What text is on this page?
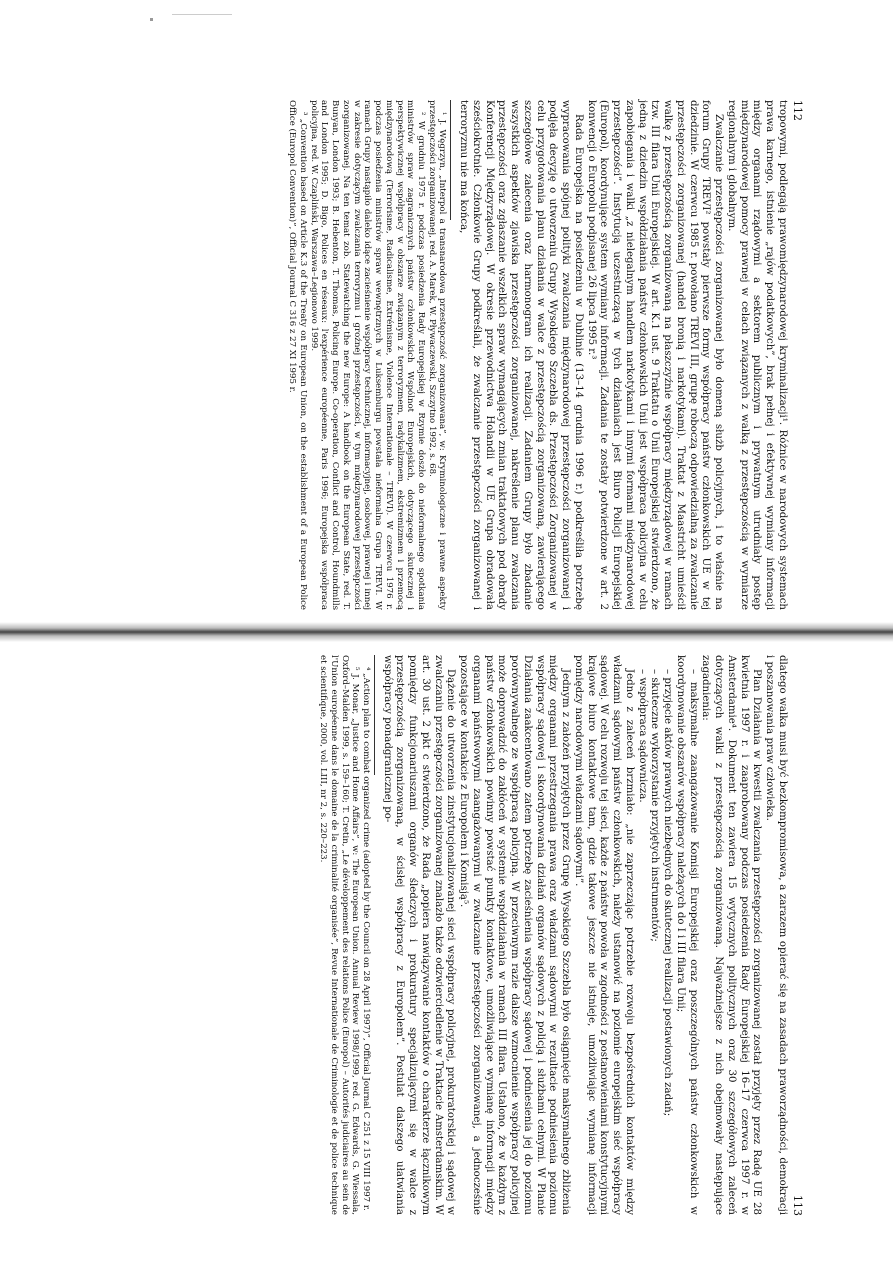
112

tropowymi, podlegają prawomiędzynarodowej kryminalizacji¹. Różnice w narodowych systemach prawa karnego, istnienie „rajów podatkowych”, brak pełnej i efektywnej wymiany informacji między organami rządowymi a sektorem publicznym i prywatnym utrudniały postęp międzynarodowej pomocy prawnej w celach związanych z walką z przestępczością w wymiarze regionalnym i globalnym.

Zwalczanie przestępczości zorganizowanej było domeną służb policyjnych, i to właśnie na forum Grupy TREVI² powstały pierwsze formy współpracy państw członkowskich UE w tej dziedzinie. W czerwcu 1985 r. powołano TREVI III, grupę roboczą odpowiedzialną za zwalczanie przestępczości zorganizowanej (handel bronią i narkotykami). Traktat z Maastricht umieścił walkę z przestępczością zorganizowaną na płaszczyźnie współpracy międzyrządowej w ramach tzw. III filara Unii Europejskiej. W art. K.1 ust. 9 Traktatu o Unii Europejskiej stwierdzono, że jedną z dziedzin współdziałania państw członkowskich Unii jest współpraca policyjna w celu zapobiegania i walki „z nielegalnym handlem narkotykami i innymi formami międzynarodowej przestępczości”. Instytucją uczestniczącą w tych działaniach jest Biuro Policji Europejskiej (Europol), koordynujące system wymiany informacji. Zadania te zostały potwierdzone w art. 2 konwencji o Europolu podpisanej 26 lipca 1995 r.³

Rada Europejska na posiedzeniu w Dublinie (13–14 grudnia 1996 r.) podkreśliła potrzebę wypracowania spójnej polityki zwalczania międzynarodowej przestępczości zorganizowanej i podjęła decyzję o utworzeniu Grupy Wysokiego Szczebla ds. Przestępczości Zorganizowanej w celu przygotowania planu działania w walce z przestępczością zorganizowaną, zawierającego szczegółowe zalecenia oraz harmonogram ich realizacji. Zadaniem Grupy było zbadanie wszystkich aspektów zjawiska przestępczości zorganizowanej, nakreślenie planu zwalczania przestępczości oraz zgłaszanie wszelkich spraw wymagających zmian traktatowych pod obrady Konferencji Międzyrządowej. W okresie przewodnictwa Holandii w UE Grupa obradowała sześciokrotnie. Członkowie Grupy podkreślali, że zwalczanie przestępczości zorganizowanej i terroryzmu nie ma końca,

¹ J. Węgrzyn, „Interpol a transnarodowa przestępczość zorganizowana”, w: Kryminologiczne i prawne aspekty przestępczości zorganizowanej, red. A. Marek, W. Pływaczewski, Szczytno 1992, s. 68.

² W grudniu 1975 r. podczas posiedzenia Rady Europejskiej w Rzymie doszło do nieformalnego spotkania ministrów spraw zagranicznych państw członkowskich Wspólnot Europejskich, dotyczącego skutecznej i perspektywicznej współpracy w obszarze związanym z terroryzmem, radykalizmem, ekstremizmem i przemocą międzynarodową (Terrorisme, Radicalisme, Extrémisme, Violence Internationale – TREVI). W czerwcu 1976 r. podczas posiedzenia ministrów spraw wewnętrznych w Luksemburgu powstała nieformalna Grupa TREVI. W ramach Grupy nastąpiło daleko idące zacieśnienie współpracy technicznej, informacyjnej, osobowej, prawnej i innej w zakresie dotyczącym zwalczania terroryzmu i groźnej przestępczości, w tym międzynarodowej przestępczości zorganizowanej. Na ten temat zob. Statewatching the new Europe: A handbook on the European State, red. T. Bunyan, London 1993; B. Hebenton, T. Thomas, Policing Europe. Co-operation, Conflict and Control, Houndmills and London 1995; D. Bigo, Polices en réseaux: l'expérience européenne, Paris 1996; Europejska współpraca policyjna, red. W. Czapliński, Warszawa–Legionowo 1999.

³ „Convention based on Article K.3 of the Treaty on European Union, on the establishment of a European Police Office (Europol Convention)”, Official Journal C 316 z 27 XI 1995 r.

113

dlatego walka musi być bezkompromisowa, a zarazem opierać się na zasadach praworządności, demokracji i poszanowania praw człowieka.

Plan Działania w kwestii zwalczania przestępczości zorganizowanej został przyjęty przez Radę UE 28 kwietnia 1997 r. i zaaprobowany podczas posiedzenia Rady Europejskiej 16–17 czerwca 1997 r. w Amsterdamie⁴. Dokument ten zawiera 15 wytycznych politycznych oraz 30 szczegółowych zaleceń dotyczących walki z przestępczością zorganizowaną. Najważniejsze z nich obejmowały następujące zagadnienia:

– maksymalne zaangażowanie Komisji Europejskiej oraz poszczególnych państw członkowskich w koordynowanie obszarów współpracy należących do I i III filara Unii;

– przyjęcie aktów prawnych niezbędnych do skutecznej realizacji postawionych zadań;

– skuteczne wykorzystanie przyjętych instrumentów;

– współpraca sądownicza.

Jedno z zaleceń brzmiało: „nie zaprzeczając potrzebie rozwoju bezpośrednich kontaktów między władzami sądowymi państw członkowskich, należy ustanowić na poziomie europejskim sieć współpracy sądowej. W celu rozwoju tej sieci, każde z państw powoła w zgodności z postanowieniami konstytucyjnymi krajowe biuro kontaktowe tam, gdzie takowe jeszcze nie istnieje, umożliwiając wymianę informacji pomiędzy narodowymi władzami sądowymi”.

Jednym z założeń przyjętych przez Grupę Wysokiego Szczebla było osiągnięcie maksymalnego zbliżenia między organami przestrzegania prawa oraz władzami sądowymi w rezultacie podniesienia poziomu współpracy sądowej i skoordynowania działań organów sądowych z policją i służbami celnymi. W Planie Działania zaakcentowano zatem potrzebę zacieśnienia współpracy sądowej i podniesienia jej do poziomu porównywalnego ze współpracą policyjną. W przeciwnym razie dalsze wzmocnienie współpracy policyjnej może doprowadzić do zakłóceń w systemie współdziałania w ramach III filara. Ustalono, że w każdym z państw członkowskich powinny powstać punkty kontaktowe, umożliwiające wymianę informacji między organami państwowymi zaangażowanymi w zwalczanie przestępczości zorganizowanej, a jednocześnie pozostające w kontakcie z Europolem i Komisją⁵.

Dążenie do utworzenia zinstytucjonalizowanej sieci współpracy policyjnej, prokuratorskiej i sądowej w zwalczaniu przestępczości zorganizowanej znalazło także odzwierciedlenie w Traktacie Amsterdamskim. W art. 30 ust. 2 pkt c stwierdzono, że Rada „popiera nawiązywanie kontaktów o charakterze łącznikowym pomiędzy funkcjonariuszami organów śledczych i prokuratury specjalizującymi się w walce z przestępczością zorganizowaną, w ścisłej współpracy z Europolem”. Postulat dalszego ułatwiania współpracy ponadgranicznej po-

⁴ „Action plan to combat organized crime (adopted by the Council on 28 April 1997)”, Official Journal C 251 z 15 VIII 1997 r.

⁵ J. Monar, „Justice and Home Affairs”, w: The European Union. Annual Review 1998/1999, red. G. Edwards, G. Wiessala, Oxford–Malden 1999, s. 159–160; T. Cretin, „Le développement des relations Police (Europol) – Autorités judiciaires au sein de l'Union européenne dans le domaine de la criminalité organisée”, Revue Internationale de Criminologie et de police technique et scientifique, 2000, vol. LIII, nr 2, s. 220–223.
